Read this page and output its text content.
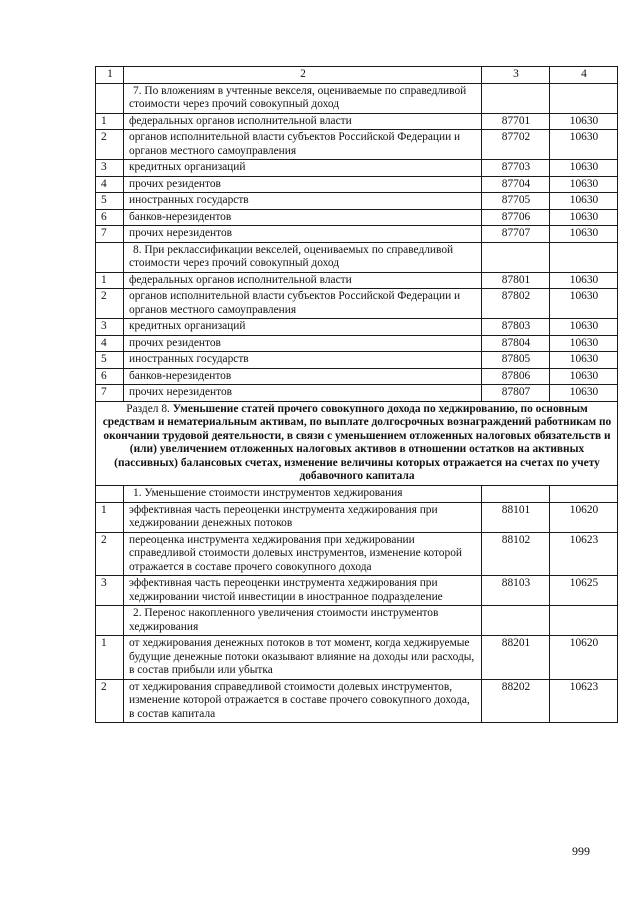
1	2	3	4
	7. По вложениям в учтенные векселя, оцениваемые по справедливой стоимости через прочий совокупный доход		
1	федеральных органов исполнительной власти	87701	10630
2	органов исполнительной власти субъектов Российской Федерации и органов местного самоуправления	87702	10630
3	кредитных организаций	87703	10630
4	прочих резидентов	87704	10630
5	иностранных государств	87705	10630
6	банков-нерезидентов	87706	10630
7	прочих нерезидентов	87707	10630
	8. При реклассификации векселей, оцениваемых по справедливой стоимости через прочий совокупный доход		
1	федеральных органов исполнительной власти	87801	10630
2	органов исполнительной власти субъектов Российской Федерации и органов местного самоуправления	87802	10630
3	кредитных организаций	87803	10630
4	прочих резидентов	87804	10630
5	иностранных государств	87805	10630
6	банков-нерезидентов	87806	10630
7	прочих нерезидентов	87807	10630
Раздел 8. Уменьшение статей прочего совокупного дохода по хеджированию, по основным средствам и нематериальным активам, по выплате долгосрочных вознаграждений работникам по окончании трудовой деятельности, в связи с уменьшением отложенных налоговых обязательств и (или) увеличением отложенных налоговых активов в отношении остатков на активных (пассивных) балансовых счетах, изменение величины которых отражается на счетах по учету добавочного капитала			
	1. Уменьшение стоимости инструментов хеджирования		
1	эффективная часть переоценки инструмента хеджирования при хеджировании денежных потоков	88101	10620
2	переоценка инструмента хеджирования при хеджировании справедливой стоимости долевых инструментов, изменение которой отражается в составе прочего совокупного дохода	88102	10623
3	эффективная часть переоценки инструмента хеджирования при хеджировании чистой инвестиции в иностранное подразделение	88103	10625
	2. Перенос накопленного увеличения стоимости инструментов хеджирования		
1	от хеджирования денежных потоков в тот момент, когда хеджируемые будущие денежные потоки оказывают влияние на доходы или расходы, в состав прибыли или убытка	88201	10620
2	от хеджирования справедливой стоимости долевых инструментов, изменение которой отражается в составе прочего совокупного дохода, в состав капитала	88202	10623
999
